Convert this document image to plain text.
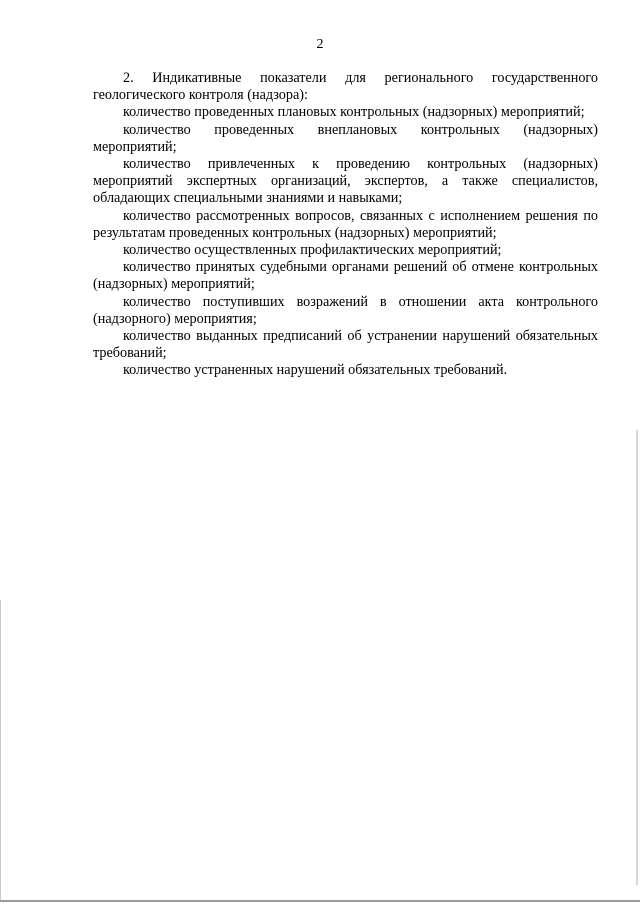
2

2. Индикативные показатели для регионального государственного геологического контроля (надзора):

количество проведенных плановых контрольных (надзорных) мероприятий;

количество проведенных внеплановых контрольных (надзорных) мероприятий;

количество привлеченных к проведению контрольных (надзорных) мероприятий экспертных организаций, экспертов, а также специалистов, обладающих специальными знаниями и навыками;

количество рассмотренных вопросов, связанных с исполнением решения по результатам проведенных контрольных (надзорных) мероприятий;

количество осуществленных профилактических мероприятий;

количество принятых судебными органами решений об отмене контрольных (надзорных) мероприятий;

количество поступивших возражений в отношении акта контрольного (надзорного) мероприятия;

количество выданных предписаний об устранении нарушений обязательных требований;

количество устраненных нарушений обязательных требований.
